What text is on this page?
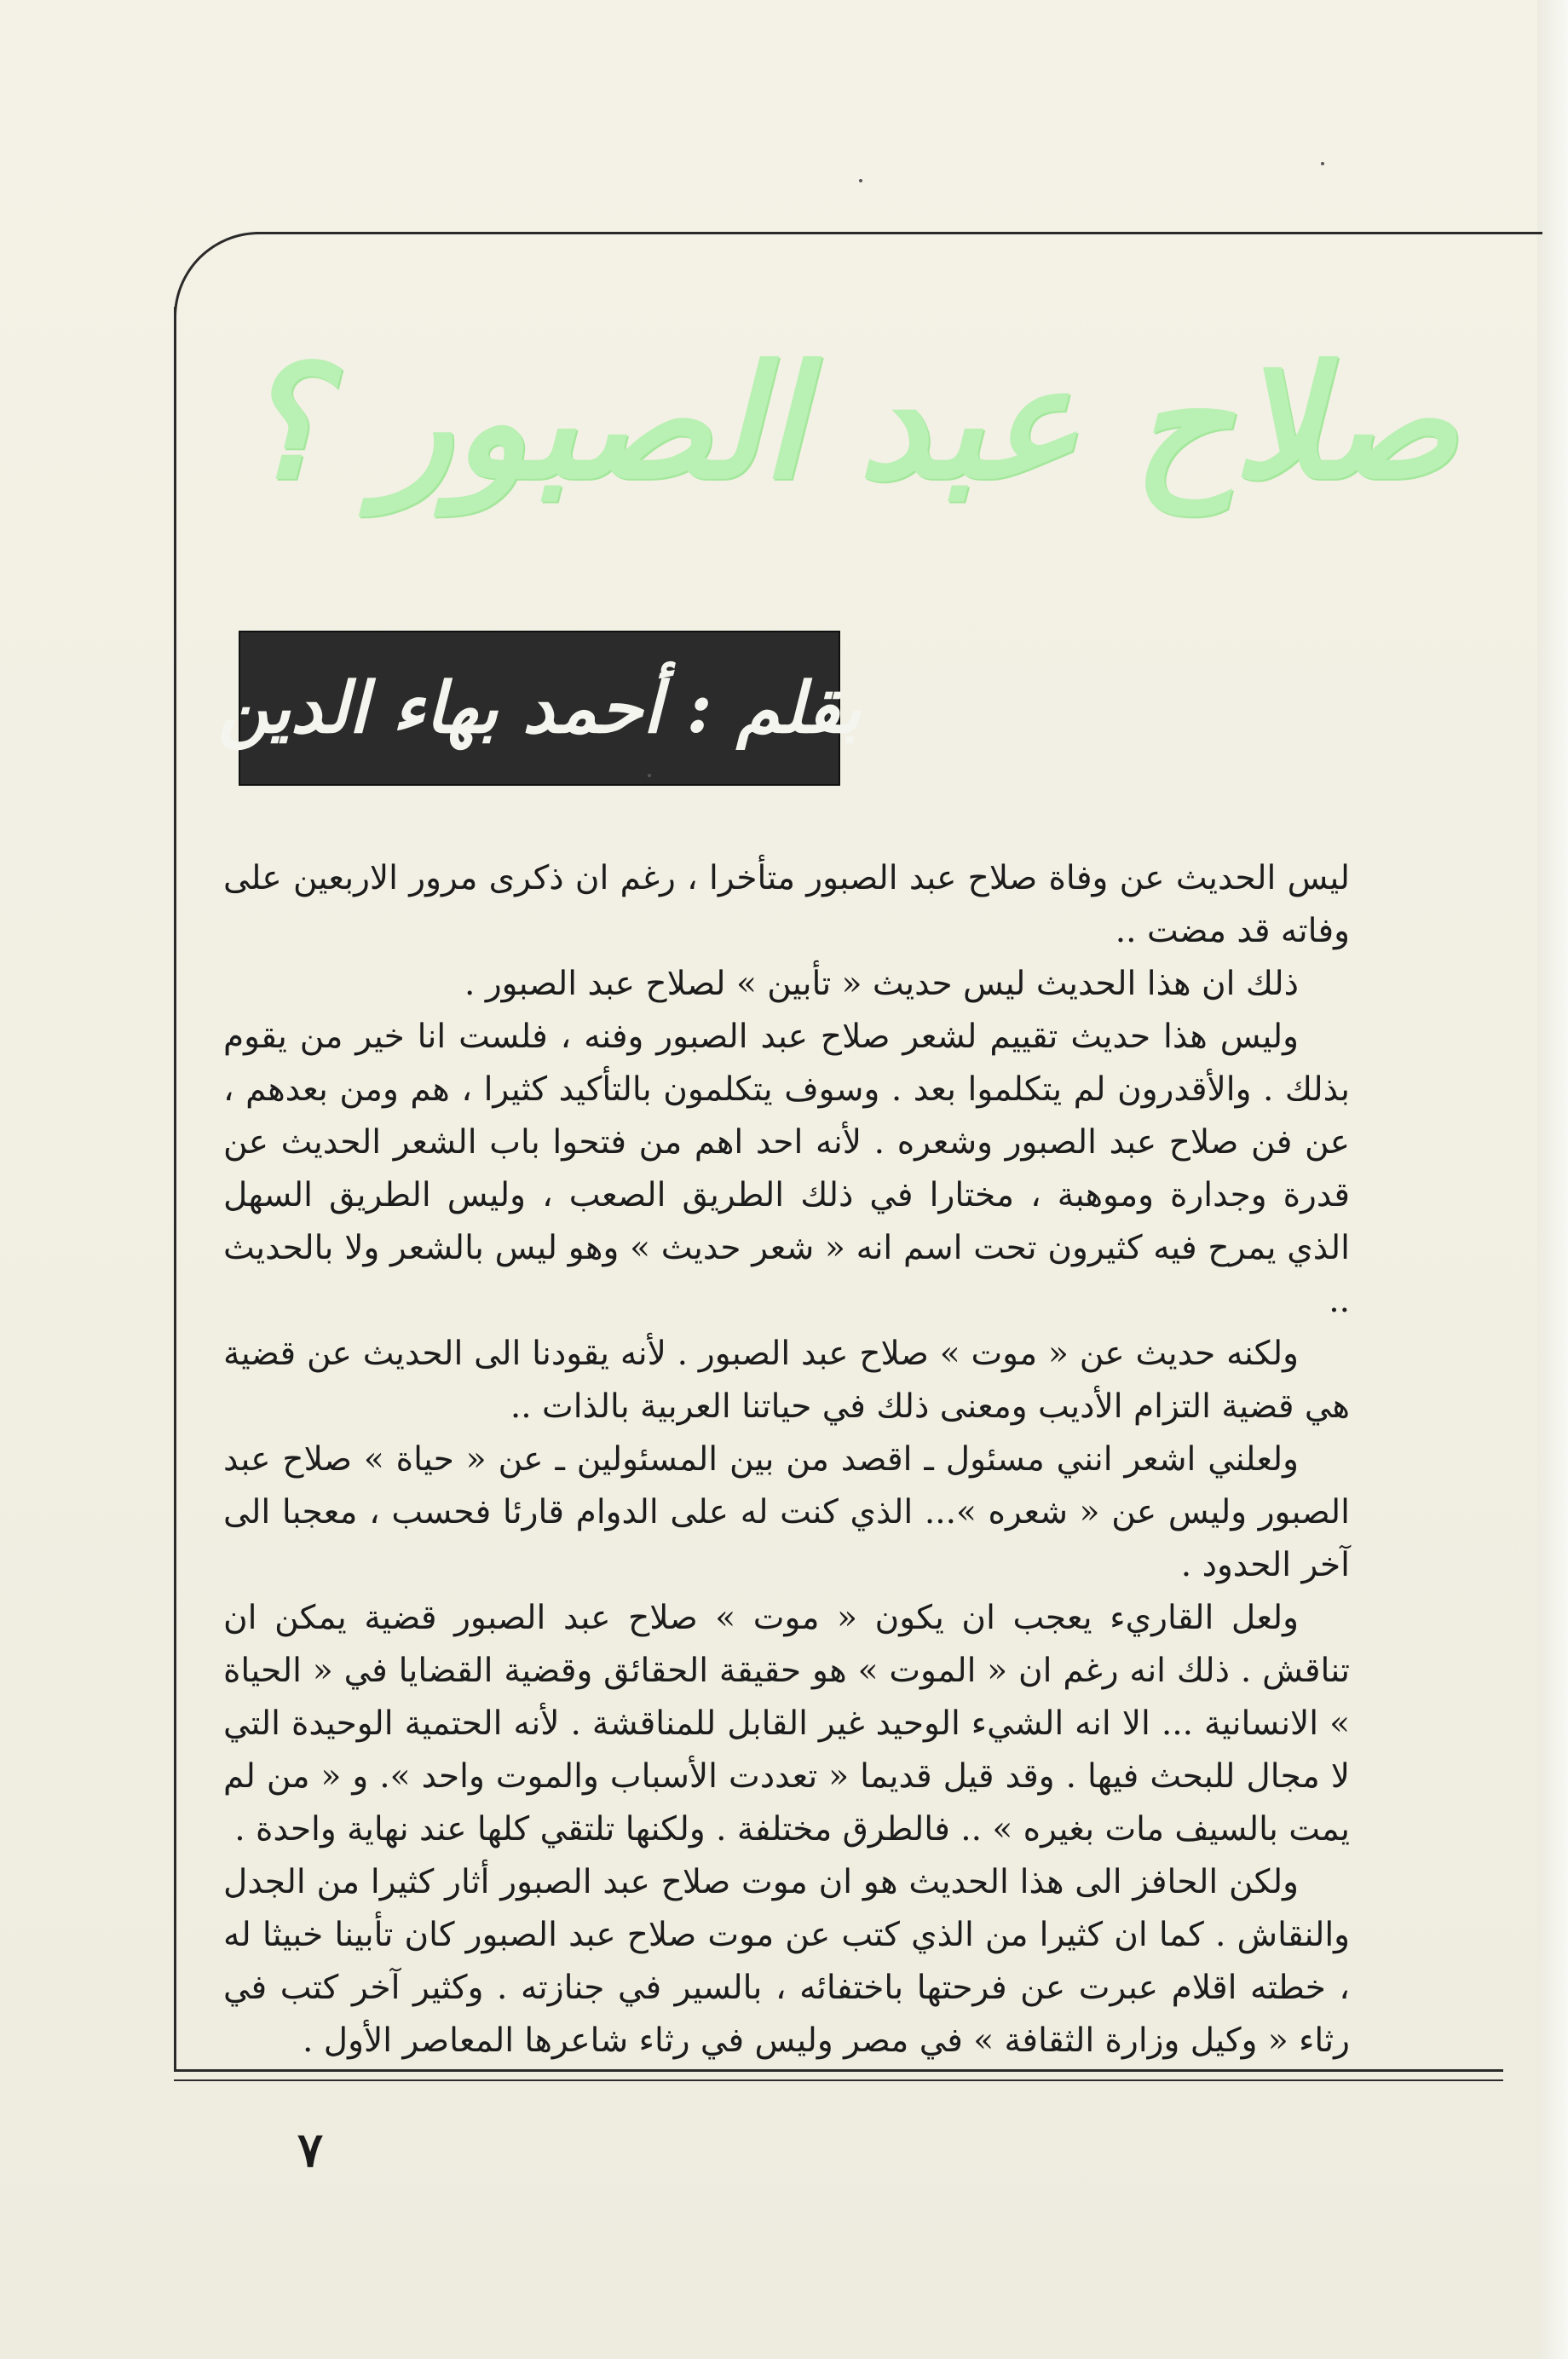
صلاح عبد الصبور ؟
بقلم : أحمد بهاء الدين

ليس الحديث عن وفاة صلاح عبد الصبور متأخرا ، رغم ان ذكرى مرور الاربعين على وفاته قد مضت ..

ذلك ان هذا الحديث ليس حديث « تأبين » لصلاح عبد الصبور .

وليس هذا حديث تقييم لشعر صلاح عبد الصبور وفنه ، فلست انا خير من يقوم بذلك . والأقدرون لم يتكلموا بعد . وسوف يتكلمون بالتأكيد كثيرا ، هم ومن بعدهم ، عن فن صلاح عبد الصبور وشعره . لأنه احد اهم من فتحوا باب الشعر الحديث عن قدرة وجدارة وموهبة ، مختارا في ذلك الطريق الصعب ، وليس الطريق السهل الذي يمرح فيه كثيرون تحت اسم انه « شعر حديث » وهو ليس بالشعر ولا بالحديث ..

ولكنه حديث عن « موت » صلاح عبد الصبور . لأنه يقودنا الى الحديث عن قضية هي قضية التزام الأديب ومعنى ذلك في حياتنا العربية بالذات ..

ولعلني اشعر انني مسئول ـ اقصد من بين المسئولين ـ عن « حياة » صلاح عبد الصبور وليس عن « شعره »... الذي كنت له على الدوام قارئا فحسب ، معجبا الى آخر الحدود .

ولعل القاريء يعجب ان يكون « موت » صلاح عبد الصبور قضية يمكن ان تناقش . ذلك انه رغم ان « الموت » هو حقيقة الحقائق وقضية القضايا في « الحياة » الانسانية ... الا انه الشيء الوحيد غير القابل للمناقشة . لأنه الحتمية الوحيدة التي لا مجال للبحث فيها . وقد قيل قديما « تعددت الأسباب والموت واحد ». و « من لم يمت بالسيف مات بغيره » .. فالطرق مختلفة . ولكنها تلتقي كلها عند نهاية واحدة .

ولكن الحافز الى هذا الحديث هو ان موت صلاح عبد الصبور أثار كثيرا من الجدل والنقاش . كما ان كثيرا من الذي كتب عن موت صلاح عبد الصبور كان تأبينا خبيثا له ، خطته اقلام عبرت عن فرحتها باختفائه ، بالسير في جنازته . وكثير آخر كتب في رثاء « وكيل وزارة الثقافة » في مصر وليس في رثاء شاعرها المعاصر الأول .

٧
